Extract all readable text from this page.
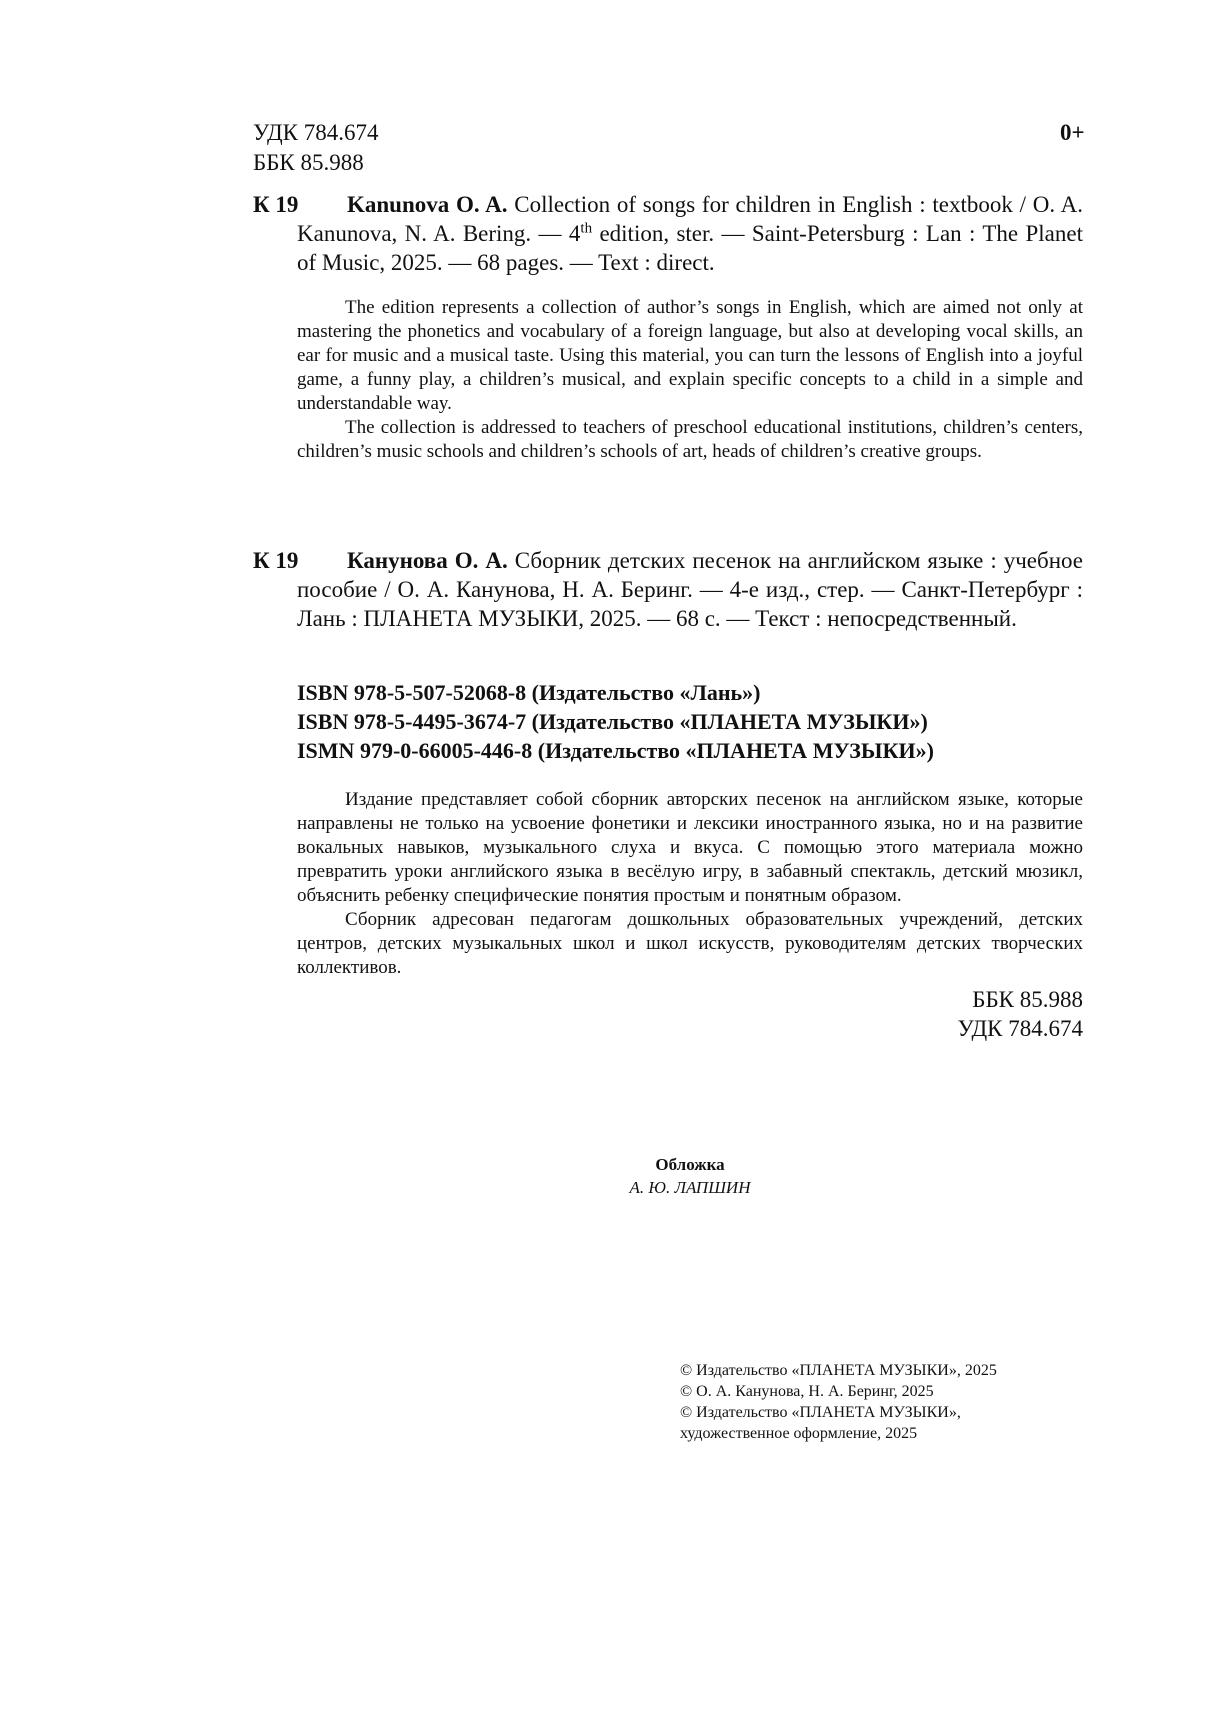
УДК 784.674
ББК 85.988
0+
К 19	Kanunova O. A. Collection of songs for children in English : textbook / O. A. Kanunova, N. A. Bering. — 4th edition, ster. — Saint-Petersburg : Lan : The Planet of Music, 2025. — 68 pages. — Text : direct.

The edition represents a collection of author’s songs in English, which are aimed not only at mastering the phonetics and vocabulary of a foreign language, but also at developing vocal skills, an ear for music and a musical taste. Using this material, you can turn the lessons of English into a joyful game, a funny play, a children’s musical, and explain specific concepts to a child in a simple and understandable way.

The collection is addressed to teachers of preschool educational institutions, children’s centers, children’s music schools and children’s schools of art, heads of children’s creative groups.

К 19	Канунова О. А. Сборник детских песенок на английском языке : учебное пособие / О. А. Канунова, Н. А. Беринг. — 4-е изд., стер. — Санкт-Петербург : Лань : ПЛАНЕТА МУЗЫКИ, 2025. — 68 с. — Текст : непосредственный.
ISBN 978-5-507-52068-8 (Издательство «Лань»)
ISBN 978-5-4495-3674-7 (Издательство «ПЛАНЕТА МУЗЫКИ»)
ISMN 979-0-66005-446-8 (Издательство «ПЛАНЕТА МУЗЫКИ»)

Издание представляет собой сборник авторских песенок на английском языке, которые направлены не только на усвоение фонетики и лексики иностранного языка, но и на развитие вокальных навыков, музыкального слуха и вкуса. С помощью этого материала можно превратить уроки английского языка в весёлую игру, в забавный спектакль, детский мюзикл, объяснить ребенку специфические понятия простым и понятным образом.

Сборник адресован педагогам дошкольных образовательных учреждений, детских центров, детских музыкальных школ и школ искусств, руководителям детских творческих коллективов.

ББК 85.988
УДК 784.674
Обложка
А. Ю. ЛАПШИН
© Издательство «ПЛАНЕТА МУЗЫКИ», 2025
© О. А. Канунова, Н. А. Беринг, 2025
© Издательство «ПЛАНЕТА МУЗЫКИ»,
художественное оформление, 2025
